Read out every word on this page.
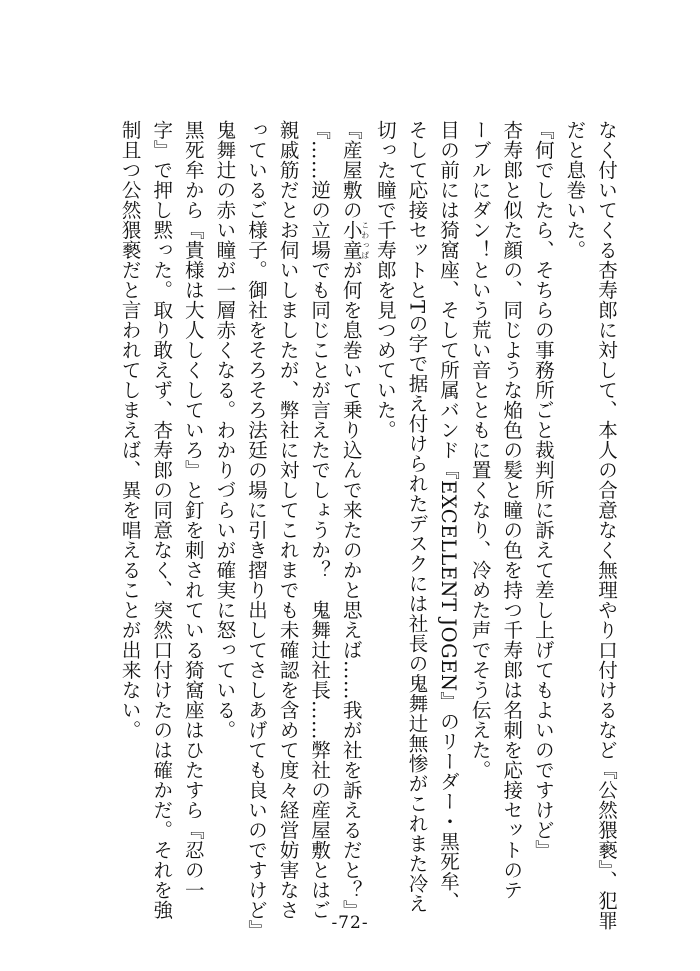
なく付いてくる杏寿郎に対して、本人の合意なく無理やり口付けるなど『公然猥褻』、犯罪
だと息巻いた。
『何でしたら、そちらの事務所ごと裁判所に訴えて差し上げてもよいのですけど』
杏寿郎と似た顔の、同じような焔色の髪と瞳の色を持つ千寿郎は名刺を応接セットのテ
ーブルにダン！という荒い音とともに置くなり、冷めた声でそう伝えた。
目の前には猗窩座、そして所属バンド『EXCELLENT JOGEN』のリーダー・黒死牟、
そして応接セットとTの字で据え付けられたデスクには社長の鬼舞辻無惨がこれまた冷え
切った瞳で千寿郎を見つめていた。
『産屋敷の小童こわっぱが何を息巻いて乗り込んで来たのかと思えば……我が社を訴えるだと？』
『……逆の立場でも同じことが言えたでしょうか？　鬼舞辻社長……弊社の産屋敷とはご
親戚筋だとお伺いしましたが、弊社に対してこれまでも未確認を含めて度々経営妨害なさ
っているご様子。御社をそろそろ法廷の場に引き摺り出してさしあげても良いのですけど』
鬼舞辻の赤い瞳が一層赤くなる。わかりづらいが確実に怒っている。
黒死牟から『貴様は大人しくしていろ』と釘を刺されている猗窩座はひたすら『忍の一
字』で押し黙った。取り敢えず、杏寿郎の同意なく、突然口付けたのは確かだ。それを強
制且つ公然猥褻だと言われてしまえば、異を唱えることが出来ない。
-72-
